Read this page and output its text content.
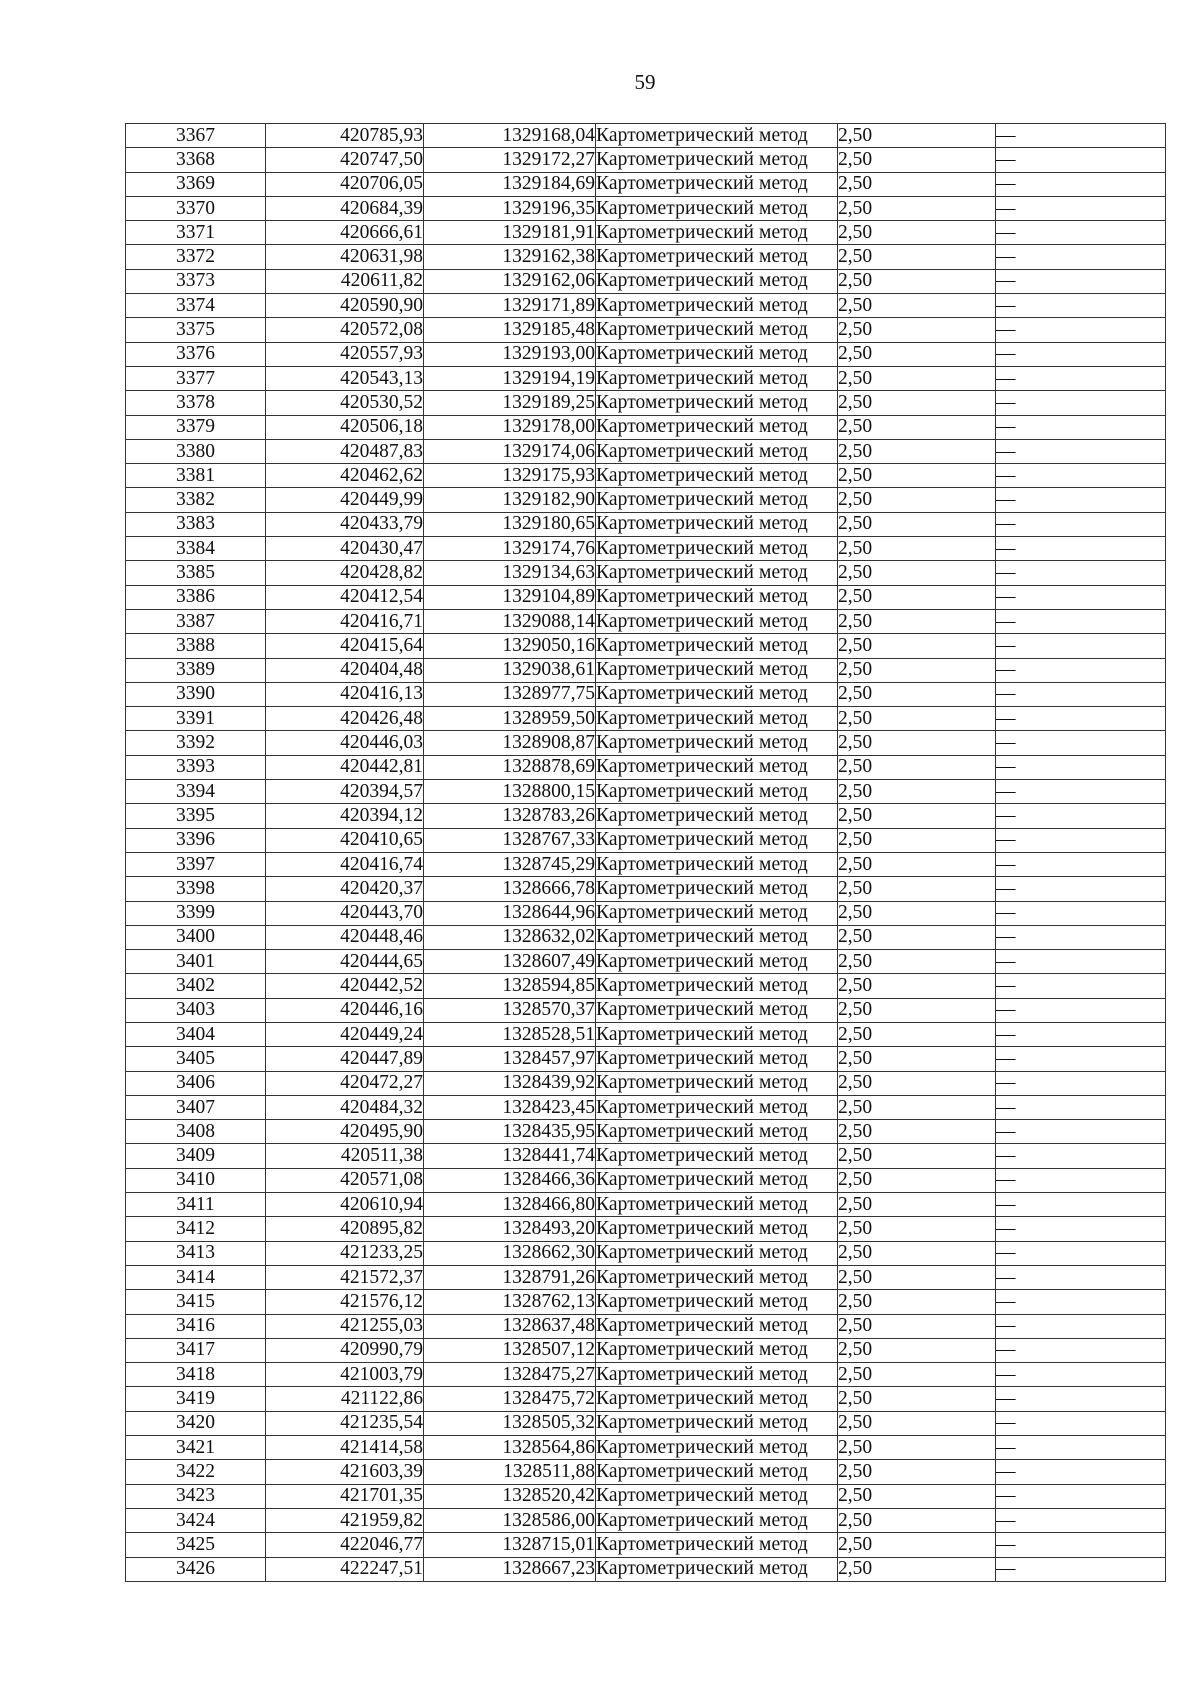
59
3367	420785,93	1329168,04	Картометрический метод	2,50	—
3368	420747,50	1329172,27	Картометрический метод	2,50	—
3369	420706,05	1329184,69	Картометрический метод	2,50	—
3370	420684,39	1329196,35	Картометрический метод	2,50	—
3371	420666,61	1329181,91	Картометрический метод	2,50	—
3372	420631,98	1329162,38	Картометрический метод	2,50	—
3373	420611,82	1329162,06	Картометрический метод	2,50	—
3374	420590,90	1329171,89	Картометрический метод	2,50	—
3375	420572,08	1329185,48	Картометрический метод	2,50	—
3376	420557,93	1329193,00	Картометрический метод	2,50	—
3377	420543,13	1329194,19	Картометрический метод	2,50	—
3378	420530,52	1329189,25	Картометрический метод	2,50	—
3379	420506,18	1329178,00	Картометрический метод	2,50	—
3380	420487,83	1329174,06	Картометрический метод	2,50	—
3381	420462,62	1329175,93	Картометрический метод	2,50	—
3382	420449,99	1329182,90	Картометрический метод	2,50	—
3383	420433,79	1329180,65	Картометрический метод	2,50	—
3384	420430,47	1329174,76	Картометрический метод	2,50	—
3385	420428,82	1329134,63	Картометрический метод	2,50	—
3386	420412,54	1329104,89	Картометрический метод	2,50	—
3387	420416,71	1329088,14	Картометрический метод	2,50	—
3388	420415,64	1329050,16	Картометрический метод	2,50	—
3389	420404,48	1329038,61	Картометрический метод	2,50	—
3390	420416,13	1328977,75	Картометрический метод	2,50	—
3391	420426,48	1328959,50	Картометрический метод	2,50	—
3392	420446,03	1328908,87	Картометрический метод	2,50	—
3393	420442,81	1328878,69	Картометрический метод	2,50	—
3394	420394,57	1328800,15	Картометрический метод	2,50	—
3395	420394,12	1328783,26	Картометрический метод	2,50	—
3396	420410,65	1328767,33	Картометрический метод	2,50	—
3397	420416,74	1328745,29	Картометрический метод	2,50	—
3398	420420,37	1328666,78	Картометрический метод	2,50	—
3399	420443,70	1328644,96	Картометрический метод	2,50	—
3400	420448,46	1328632,02	Картометрический метод	2,50	—
3401	420444,65	1328607,49	Картометрический метод	2,50	—
3402	420442,52	1328594,85	Картометрический метод	2,50	—
3403	420446,16	1328570,37	Картометрический метод	2,50	—
3404	420449,24	1328528,51	Картометрический метод	2,50	—
3405	420447,89	1328457,97	Картометрический метод	2,50	—
3406	420472,27	1328439,92	Картометрический метод	2,50	—
3407	420484,32	1328423,45	Картометрический метод	2,50	—
3408	420495,90	1328435,95	Картометрический метод	2,50	—
3409	420511,38	1328441,74	Картометрический метод	2,50	—
3410	420571,08	1328466,36	Картометрический метод	2,50	—
3411	420610,94	1328466,80	Картометрический метод	2,50	—
3412	420895,82	1328493,20	Картометрический метод	2,50	—
3413	421233,25	1328662,30	Картометрический метод	2,50	—
3414	421572,37	1328791,26	Картометрический метод	2,50	—
3415	421576,12	1328762,13	Картометрический метод	2,50	—
3416	421255,03	1328637,48	Картометрический метод	2,50	—
3417	420990,79	1328507,12	Картометрический метод	2,50	—
3418	421003,79	1328475,27	Картометрический метод	2,50	—
3419	421122,86	1328475,72	Картометрический метод	2,50	—
3420	421235,54	1328505,32	Картометрический метод	2,50	—
3421	421414,58	1328564,86	Картометрический метод	2,50	—
3422	421603,39	1328511,88	Картометрический метод	2,50	—
3423	421701,35	1328520,42	Картометрический метод	2,50	—
3424	421959,82	1328586,00	Картометрический метод	2,50	—
3425	422046,77	1328715,01	Картометрический метод	2,50	—
3426	422247,51	1328667,23	Картометрический метод	2,50	—
